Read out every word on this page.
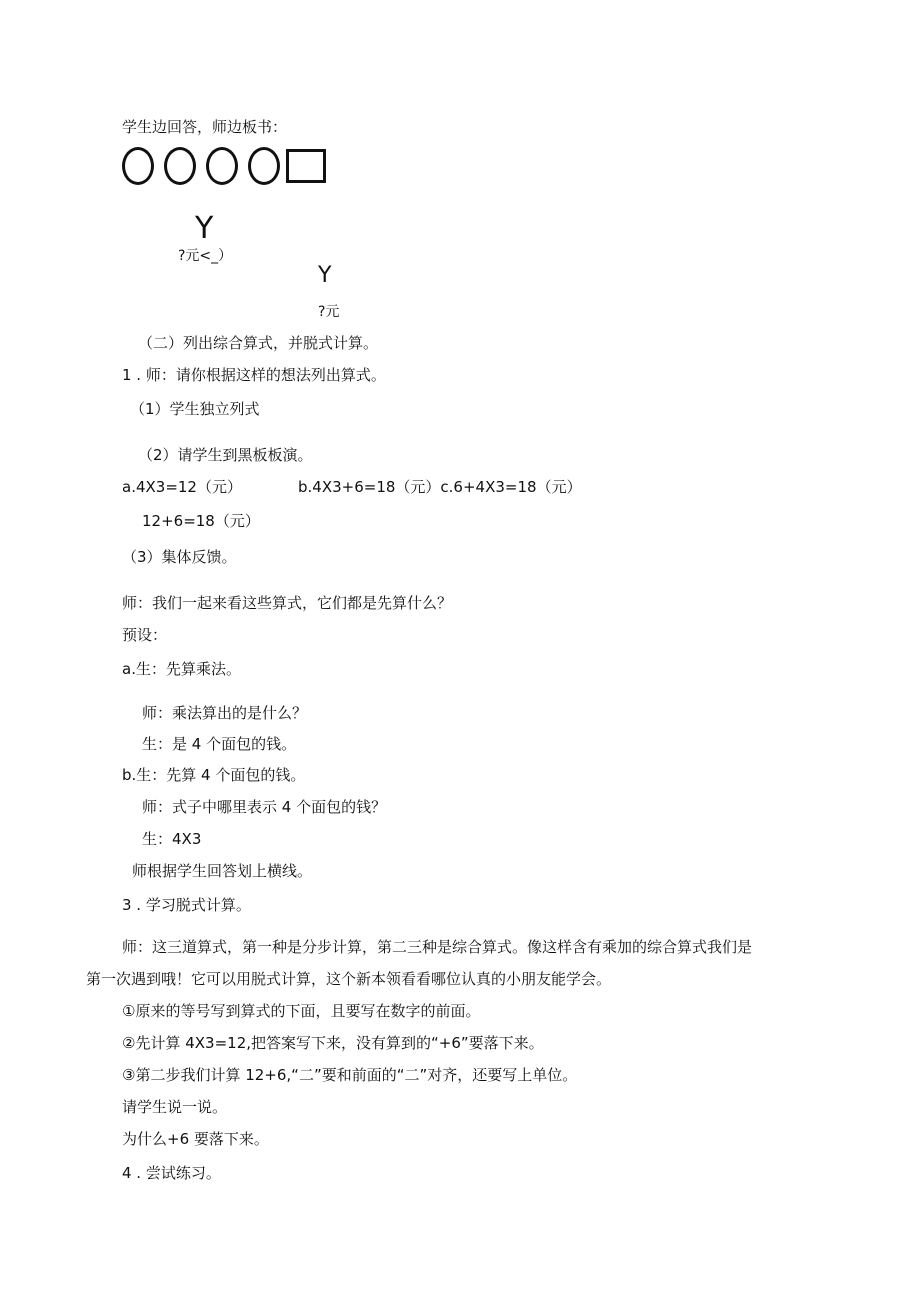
学生边回答，师边板书：
Y
?元<_）
Y
?元
（二）列出综合算式，并脱式计算。
1 . 师：请你根据这样的想法列出算式。
（1）学生独立列式
（2）请学生到黑板板演。
a.4X3=12（元）	b.4X3+6=18（元）c.6+4X3=18（元）
12+6=18（元）
（3）集体反馈。
师：我们一起来看这些算式，它们都是先算什么？
预设：
a.生：先算乘法。
师：乘法算出的是什么？
生：是 4 个面包的钱。
b.生：先算 4 个面包的钱。
师：式子中哪里表示 4 个面包的钱？
生：4X3
师根据学生回答划上横线。
3 . 学习脱式计算。
师：这三道算式，第一种是分步计算，第二三种是综合算式。像这样含有乘加的综合算式我们是
第一次遇到哦！它可以用脱式计算，这个新本领看看哪位认真的小朋友能学会。
①原来的等号写到算式的下面，且要写在数字的前面。
②先计算 4X3=12,把答案写下来，没有算到的“+6”要落下来。
③第二步我们计算 12+6,“二”要和前面的“二”对齐，还要写上单位。
请学生说一说。
为什么+6 要落下来。
4 . 尝试练习。
